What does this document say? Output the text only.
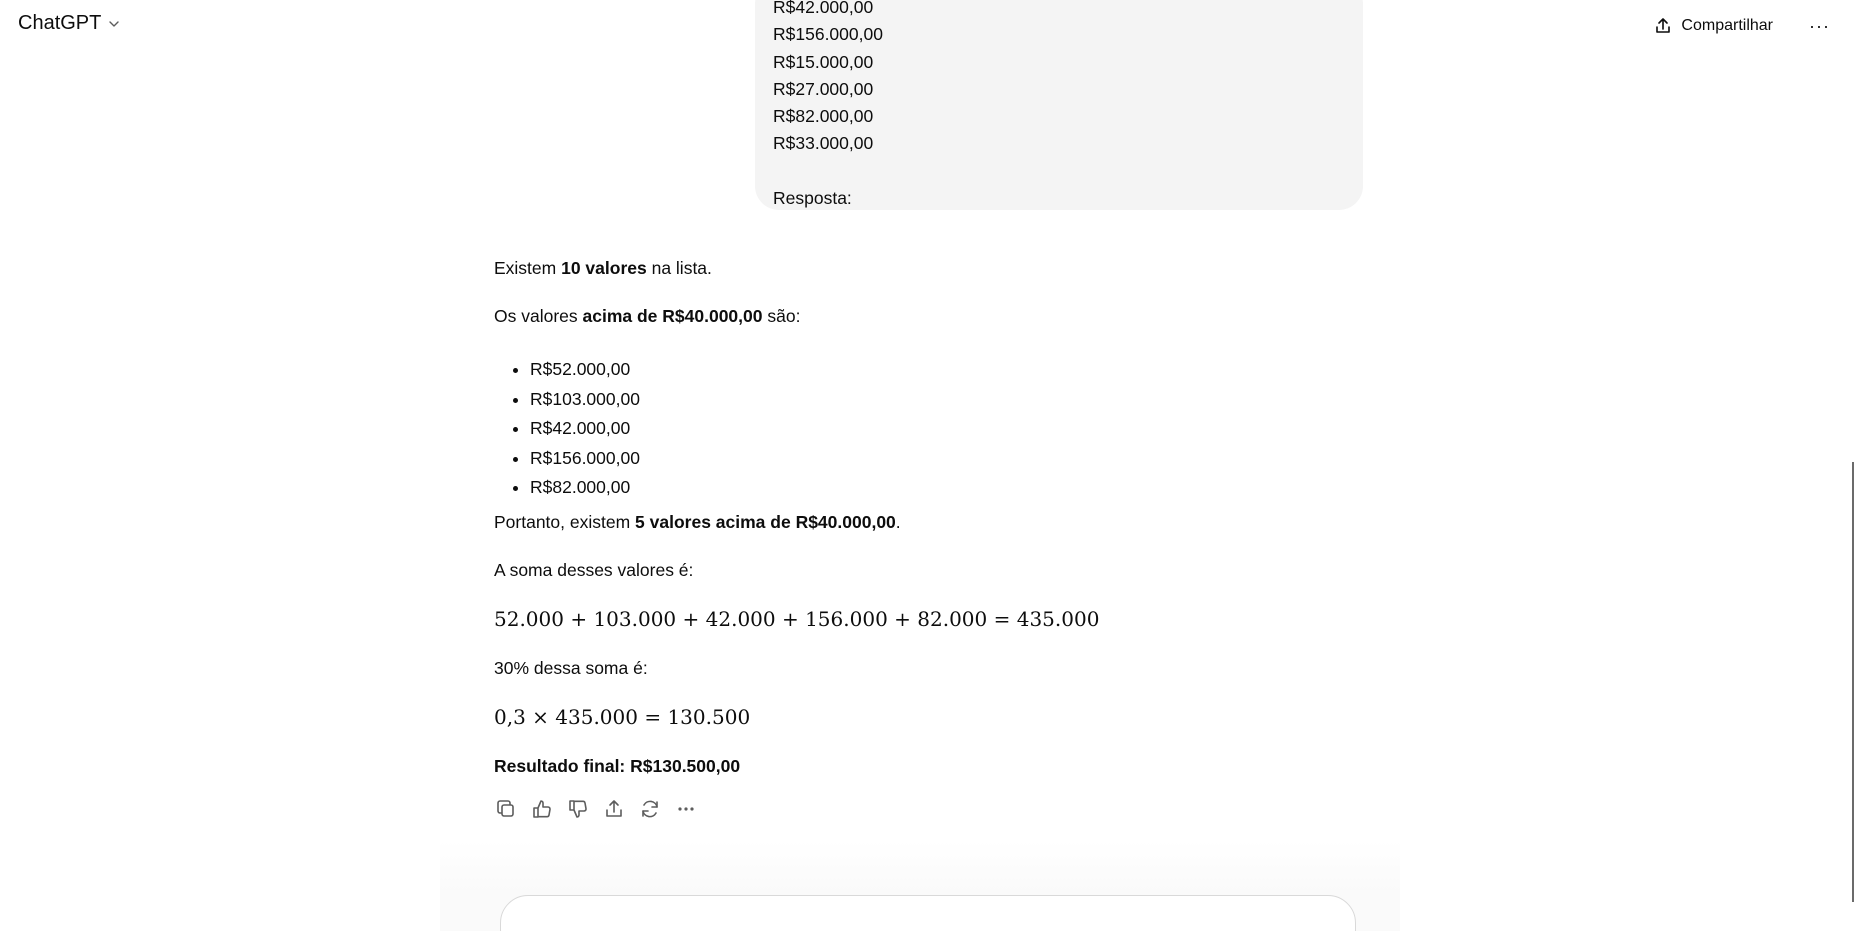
ChatGPT	Compartilhar ···
R$42.000,00
R$156.000,00
R$15.000,00
R$27.000,00
R$82.000,00
R$33.000,00
Resposta:

Existem 10 valores na lista.

Os valores acima de R$40.000,00 são:

• R$52.000,00
• R$103.000,00
• R$42.000,00
• R$156.000,00
• R$82.000,00

Portanto, existem 5 valores acima de R$40.000,00.

A soma desses valores é:

52.000 + 103.000 + 42.000 + 156.000 + 82.000 = 435.000

30% dessa soma é:

0,3 × 435.000 = 130.500

Resultado final: R$130.500,00
